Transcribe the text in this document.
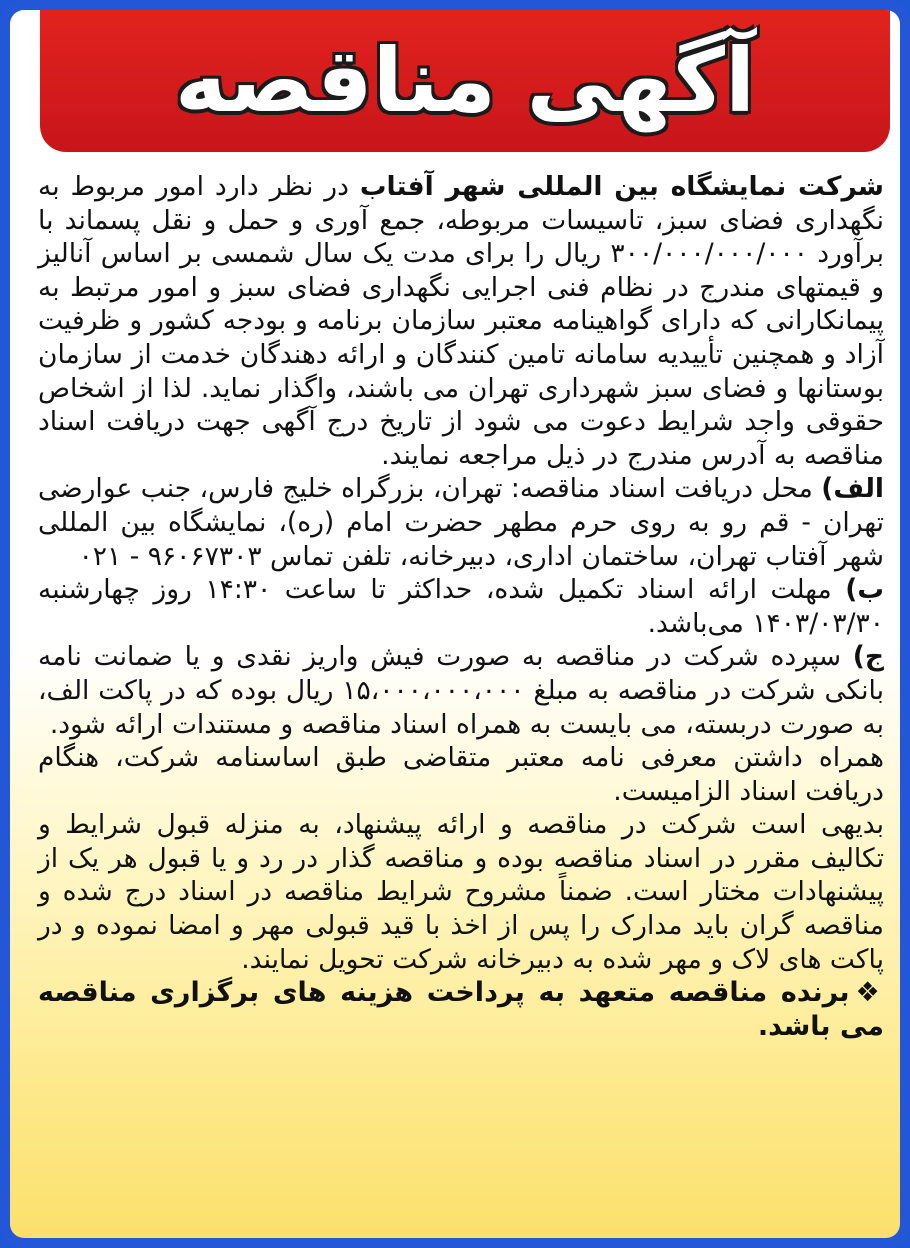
آگهی مناقصه

شرکت نمایشگاه بین المللی شهر آفتاب در نظر دارد امور مربوط به نگهداری فضای سبز، تاسیسات مربوطه، جمع آوری و حمل و نقل پسماند با برآورد ۳۰۰/۰۰۰/۰۰۰/۰۰۰ ریال را برای مدت یک سال شمسی بر اساس آنالیز و قیمتهای مندرج در نظام فنی اجرایی نگهداری فضای سبز و امور مرتبط به پیمانکارانی که دارای گواهینامه معتبر سازمان برنامه و بودجه کشور و ظرفیت آزاد و همچنین تأییدیه سامانه تامین کنندگان و ارائه دهندگان خدمت از سازمان بوستانها و فضای سبز شهرداری تهران می باشند، واگذار نماید. لذا از اشخاص حقوقی واجد شرایط دعوت می شود از تاریخ درج آگهی جهت دریافت اسناد مناقصه به آدرس مندرج در ذیل مراجعه نمایند.

الف) محل دریافت اسناد مناقصه: تهران، بزرگراه خلیج فارس، جنب عوارضی تهران - قم رو به روی حرم مطهر حضرت امام (ره)، نمایشگاه بین المللی شهر آفتاب تهران، ساختمان اداری، دبیرخانه، تلفن تماس ۹۶۰۶۷۳۰۳ - ۰۲۱

ب) مهلت ارائه اسناد تکمیل شده، حداکثر تا ساعت ۱۴:۳۰ روز چهارشنبه ۱۴۰۳/۰۳/۳۰ می‌باشد.

ج) سپرده شرکت در مناقصه به صورت فیش واریز نقدی و یا ضمانت نامه بانکی شرکت در مناقصه به مبلغ ۱۵،۰۰۰،۰۰۰،۰۰۰ ریال بوده که در پاکت الف، به صورت دربسته، می بایست به همراه اسناد مناقصه و مستندات ارائه شود.

همراه داشتن معرفی نامه معتبر متقاضی طبق اساسنامه شرکت، هنگام دریافت اسناد الزامیست.

بدیهی است شرکت در مناقصه و ارائه پیشنهاد، به منزله قبول شرایط و تکالیف مقرر در اسناد مناقصه بوده و مناقصه گذار در رد و یا قبول هر یک از پیشنهادات مختار است. ضمناً مشروح شرایط مناقصه در اسناد درج شده و مناقصه گران باید مدارک را پس از اخذ با قید قبولی مهر و امضا نموده و در پاکت های لاک و مهر شده به دبیرخانه شرکت تحویل نمایند.

❖برنده مناقصه متعهد به پرداخت هزینه های برگزاری مناقصه می باشد.
